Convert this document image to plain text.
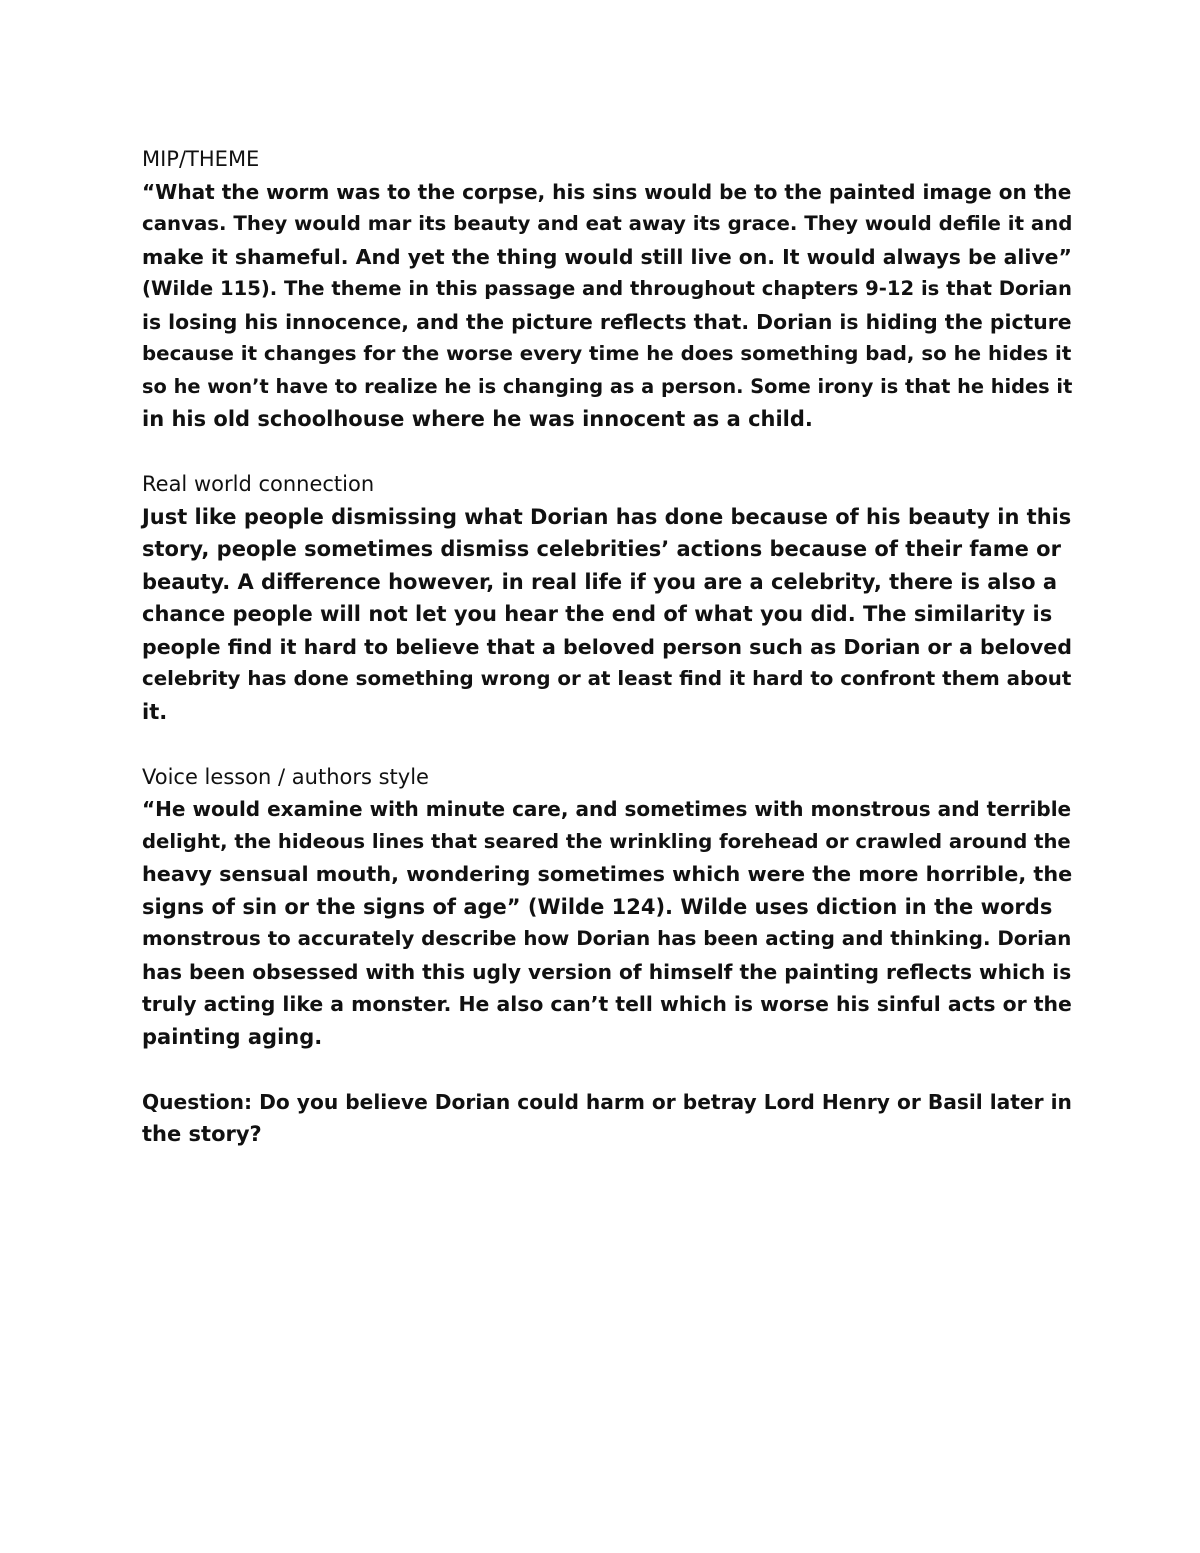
MIP/THEME

“What the worm was to the corpse, his sins would be to the painted image on the
canvas. They would mar its beauty and eat away its grace. They would defile it and
make it shameful. And yet the thing would still live on. It would always be alive”
(Wilde 115). The theme in this passage and throughout chapters 9-12 is that Dorian
is losing his innocence, and the picture reflects that. Dorian is hiding the picture
because it changes for the worse every time he does something bad, so he hides it
so he won’t have to realize he is changing as a person. Some irony is that he hides it
in his old schoolhouse where he was innocent as a child.

Real world connection

Just like people dismissing what Dorian has done because of his beauty in this
story, people sometimes dismiss celebrities’ actions because of their fame or
beauty. A difference however, in real life if you are a celebrity, there is also a
chance people will not let you hear the end of what you did. The similarity is
people find it hard to believe that a beloved person such as Dorian or a beloved
celebrity has done something wrong or at least find it hard to confront them about
it.

Voice lesson / authors style

“He would examine with minute care, and sometimes with monstrous and terrible
delight, the hideous lines that seared the wrinkling forehead or crawled around the
heavy sensual mouth, wondering sometimes which were the more horrible, the
signs of sin or the signs of age” (Wilde 124). Wilde uses diction in the words
monstrous to accurately describe how Dorian has been acting and thinking. Dorian
has been obsessed with this ugly version of himself the painting reflects which is
truly acting like a monster. He also can’t tell which is worse his sinful acts or the
painting aging.

Question: Do you believe Dorian could harm or betray Lord Henry or Basil later in
the story?
